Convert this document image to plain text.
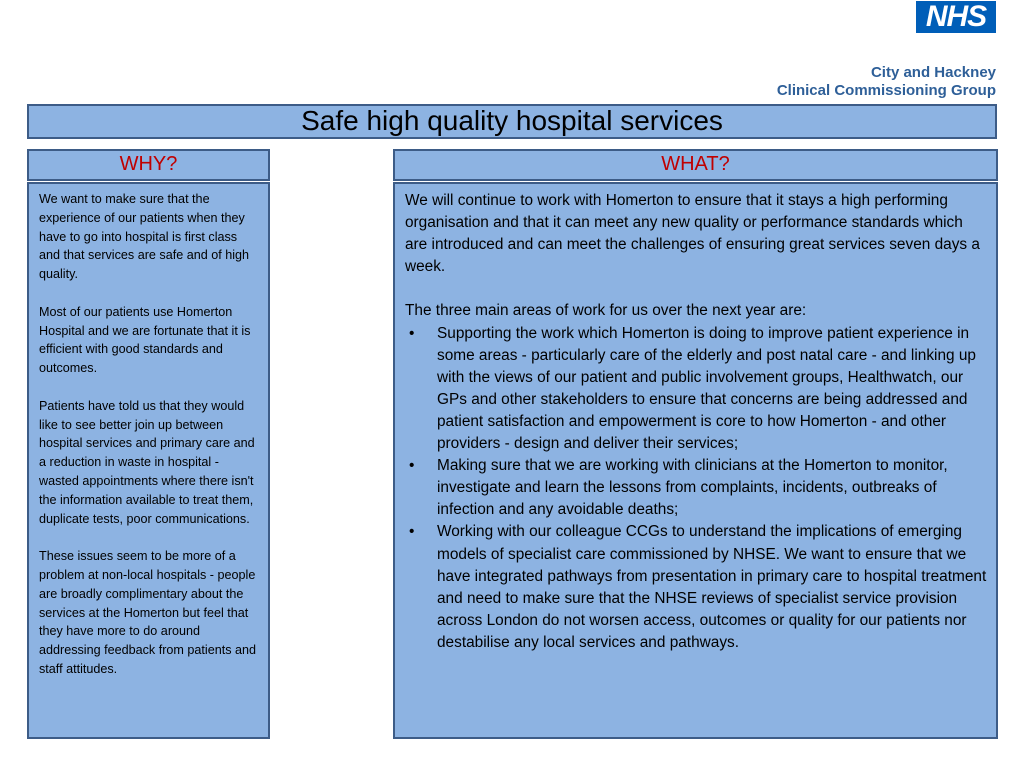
NHS
City and Hackney
Clinical Commissioning Group
Safe high quality hospital services
WHY?	WHAT?

We want to make sure that the experience of our patients when they have to go into hospital is first class and that services are safe and of high quality.

Most of our patients use Homerton Hospital and we are fortunate that it is efficient with good standards and outcomes.

Patients have told us that they would like to see better join up between hospital services and primary care and a reduction in waste in hospital - wasted appointments where there isn't the information available to treat them, duplicate tests, poor communications.

These issues seem to be more of a problem at non-local hospitals - people are broadly complimentary about the services at the Homerton but feel that they have more to do around addressing feedback from patients and staff attitudes.

We will continue to work with Homerton to ensure that it stays a high performing organisation and that it can meet any new quality or performance standards which are introduced and can meet the challenges of ensuring great services seven days a week.

The three main areas of work for us over the next year are:

• Supporting the work which Homerton is doing to improve patient experience in some areas - particularly care of the elderly and post natal care - and linking up with the views of our patient and public involvement groups, Healthwatch, our GPs and other stakeholders to ensure that concerns are being addressed and patient satisfaction and empowerment is core to how Homerton - and other providers - design and deliver their services;
• Making sure that we are working with clinicians at the Homerton to monitor, investigate and learn the lessons from complaints, incidents, outbreaks of infection and any avoidable deaths;
• Working with our colleague CCGs to understand the implications of emerging models of specialist care commissioned by NHSE. We want to ensure that we have integrated pathways from presentation in primary care to hospital treatment and need to make sure that the NHSE reviews of specialist service provision across London do not worsen access, outcomes or quality for our patients nor destabilise any local services and pathways.
